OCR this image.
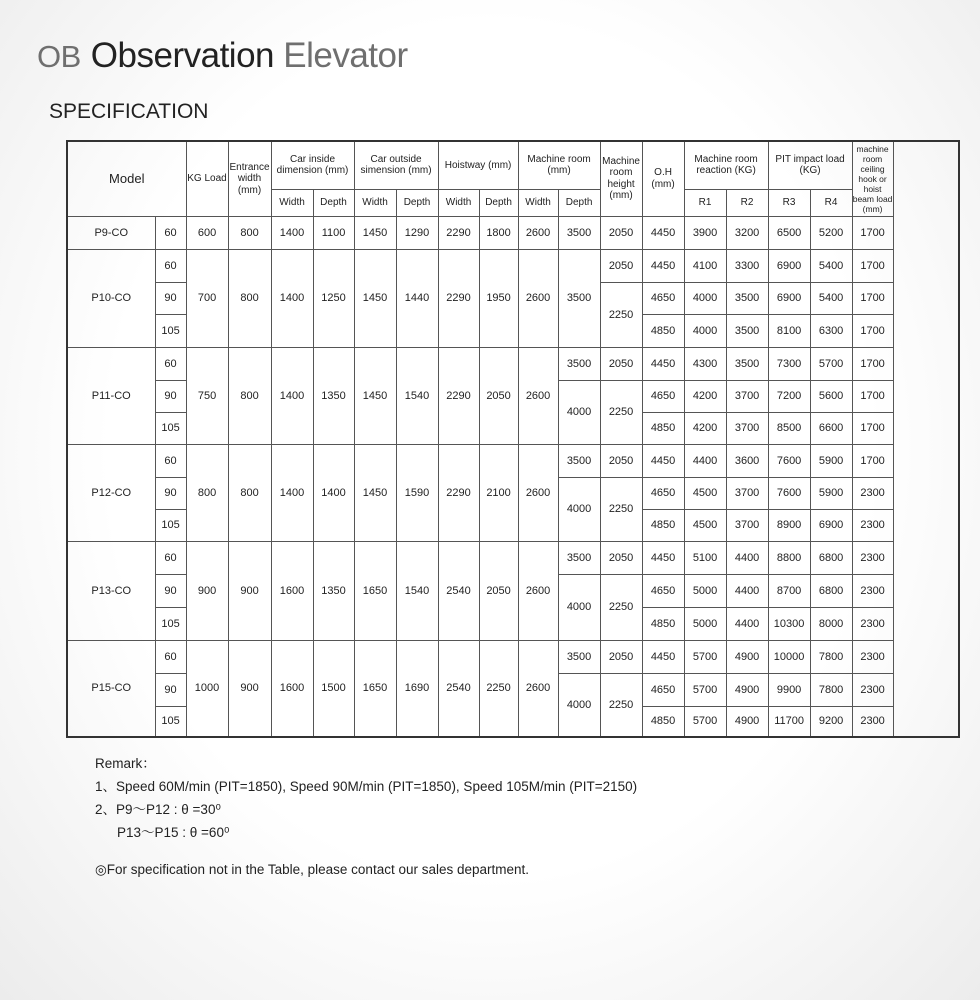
OB Observation Elevator
SPECIFICATION
Model		KG Load	Entrance width (mm)	Car inside dimension (mm)		Car outside simension (mm)		Hoistway (mm)		Machine room (mm)		Machine room height (mm)	O.H (mm)	Machine room reaction (KG)		PIT impact load (KG)		machine room ceiling hook or hoist beam load (mm)
				Width	Depth	Width	Depth	Width	Depth	Width	Depth			R1	R2	R3	R4	
P9-CO	60	600	800	1400	1100	1450	1290	2290	1800	2600	3500	2050	4450	3900	3200	6500	5200	1700
P10-CO	60	700	800	1400	1250	1450	1440	2290	1950	2600	3500	2050	4450	4100	3300	6900	5400	1700
	90											2250	4650	4000	3500	6900	5400	1700
	105												4850	4000	3500	8100	6300	1700
P11-CO	60	750	800	1400	1350	1450	1540	2290	2050	2600	3500	2050	4450	4300	3500	7300	5700	1700
	90										4000	2250	4650	4200	3700	7200	5600	1700
	105												4850	4200	3700	8500	6600	1700
P12-CO	60	800	800	1400	1400	1450	1590	2290	2100	2600	3500	2050	4450	4400	3600	7600	5900	1700
	90										4000	2250	4650	4500	3700	7600	5900	2300
	105												4850	4500	3700	8900	6900	2300
P13-CO	60	900	900	1600	1350	1650	1540	2540	2050	2600	3500	2050	4450	5100	4400	8800	6800	2300
	90										4000	2250	4650	5000	4400	8700	6800	2300
	105												4850	5000	4400	10300	8000	2300
P15-CO	60	1000	900	1600	1500	1650	1690	2540	2250	2600	3500	2050	4450	5700	4900	10000	7800	2300
	90										4000	2250	4650	5700	4900	9900	7800	2300
	105												4850	5700	4900	11700	9200	2300
Remark：
1、Speed 60M/min (PIT=1850), Speed 90M/min (PIT=1850), Speed 105M/min (PIT=2150)
2、P9～P12 : θ =30⁰
P13～P15 : θ =60⁰
◎For specification not in the Table, please contact our sales department.
